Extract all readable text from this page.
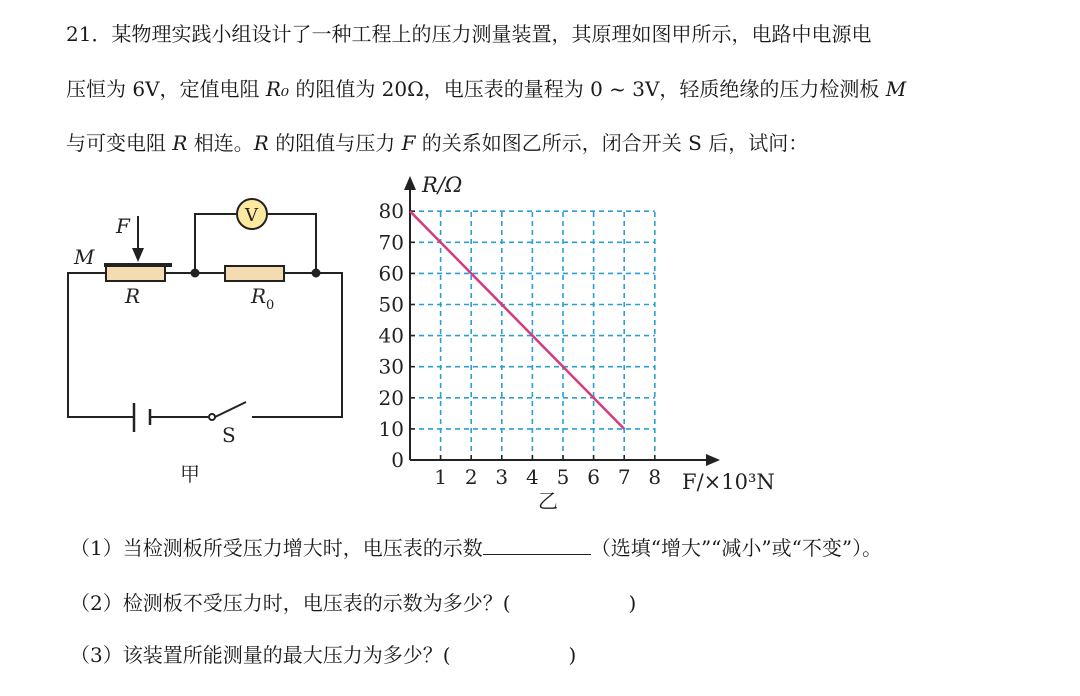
21．某物理实践小组设计了一种工程上的压力测量装置，其原理如图甲所示，电路中电源电
压恒为 6V，定值电阻 R₀ 的阻值为 20Ω，电压表的量程为 0 ~ 3V，轻质绝缘的压力检测板 M
与可变电阻 R 相连。R 的阻值与压力 F 的关系如图乙所示，闭合开关 S 后，试问：
F
M
R	R 0
V
S
甲	1 2 3 4 5 6 7 8
10
20
30
40
50
60
70
80
0
R/Ω
F/×10³N
乙
（1）当检测板所受压力增大时，电压表的示数	（选填“增大”“减小”或“不变”）。
（2）检测板不受压力时，电压表的示数为多少？(	)
（3）该装置所能测量的最大压力为多少？(	)
